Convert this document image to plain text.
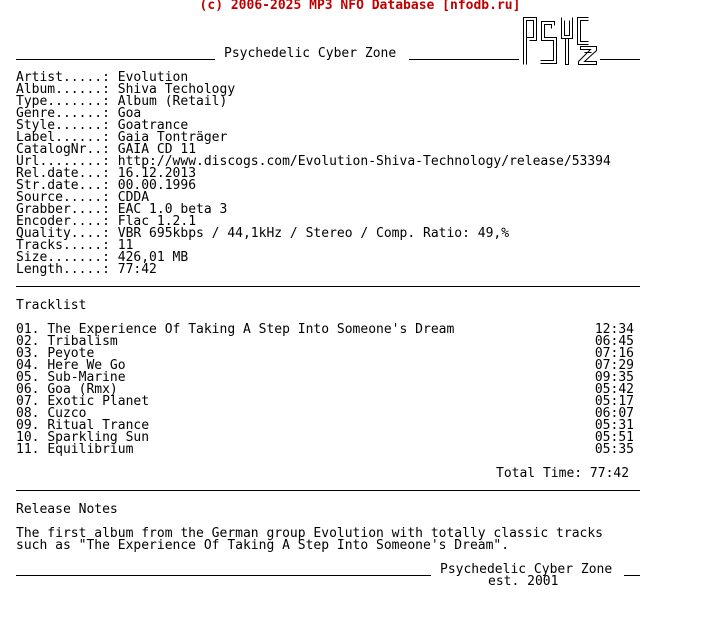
(c) 2006-2025 MP3 NFO Database [nfodb.ru]
Psychedelic Cyber Zone
Artist.....: Evolution
Album......: Shiva Techology
Type.......: Album (Retail)
Genre......: Goa
Style......: Goatrance
Label......: Gaia Tonträger
CatalogNr..: GAIA CD 11
Url........: http://www.discogs.com/Evolution-Shiva-Technology/release/53394
Rel.date...: 16.12.2013
Str.date...: 00.00.1996
Source.....: CDDA
Grabber....: EAC 1.0 beta 3
Encoder....: Flac 1.2.1
Quality....: VBR 695kbps / 44,1kHz / Stereo / Comp. Ratio: 49,%
Tracks.....: 11
Size.......: 426,01 MB
Length.....: 77:42
Tracklist
01. The Experience Of Taking A Step Into Someone's Dream	12:34
02. Tribalism	06:45
03. Peyote	07:16
04. Here We Go	07:29
05. Sub-Marine	09:35
06. Goa (Rmx)	05:42
07. Exotic Planet	05:17
08. Cuzco	06:07
09. Ritual Trance	05:31
10. Sparkling Sun	05:51
11. Equilibrium	05:35
Total Time: 77:42
Release Notes
The first album from the German group Evolution with totally classic tracks
such as "The Experience Of Taking A Step Into Someone's Dream".
Psychedelic Cyber Zone
est. 2001
